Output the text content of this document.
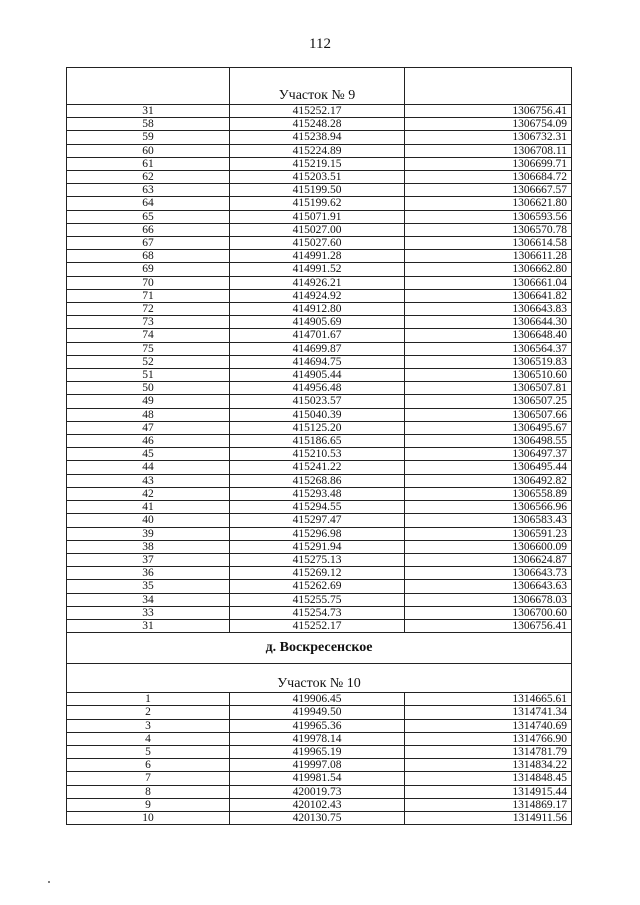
112

	Участок № 9	
31	415252.17	1306756.41
58	415248.28	1306754.09
59	415238.94	1306732.31
60	415224.89	1306708.11
61	415219.15	1306699.71
62	415203.51	1306684.72
63	415199.50	1306667.57
64	415199.62	1306621.80
65	415071.91	1306593.56
66	415027.00	1306570.78
67	415027.60	1306614.58
68	414991.28	1306611.28
69	414991.52	1306662.80
70	414926.21	1306661.04
71	414924.92	1306641.82
72	414912.80	1306643.83
73	414905.69	1306644.30
74	414701.67	1306648.40
75	414699.87	1306564.37
52	414694.75	1306519.83
51	414905.44	1306510.60
50	414956.48	1306507.81
49	415023.57	1306507.25
48	415040.39	1306507.66
47	415125.20	1306495.67
46	415186.65	1306498.55
45	415210.53	1306497.37
44	415241.22	1306495.44
43	415268.86	1306492.82
42	415293.48	1306558.89
41	415294.55	1306566.96
40	415297.47	1306583.43
39	415296.98	1306591.23
38	415291.94	1306600.09
37	415275.13	1306624.87
36	415269.12	1306643.73
35	415262.69	1306643.63
34	415255.75	1306678.03
33	415254.73	1306700.60
31	415252.17	1306756.41
д. Воскресенское		
Участок № 10		
1	419906.45	1314665.61
2	419949.50	1314741.34
3	419965.36	1314740.69
4	419978.14	1314766.90
5	419965.19	1314781.79
6	419997.08	1314834.22
7	419981.54	1314848.45
8	420019.73	1314915.44
9	420102.43	1314869.17
10	420130.75	1314911.56
